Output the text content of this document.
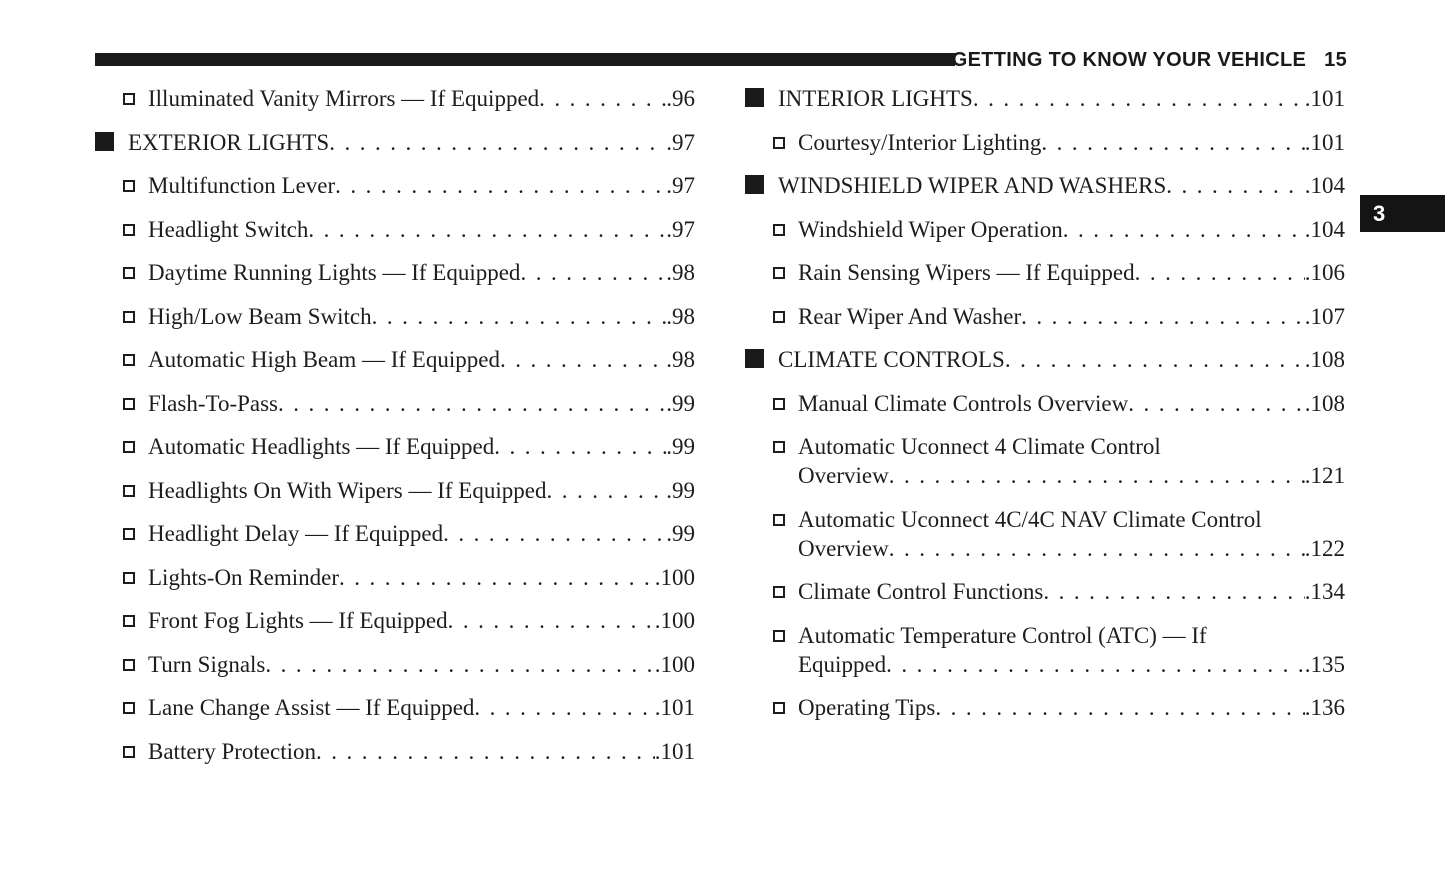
GETTING TO KNOW YOUR VEHICLE 15
3
Illuminated Vanity Mirrors — If Equipped .....	. 96
EXTERIOR LIGHTS .....	. 97
Multifunction Lever .....	. 97
Headlight Switch .....	. 97
Daytime Running Lights — If Equipped .....	. 98
High/Low Beam Switch .....	. 98
Automatic High Beam — If Equipped .....	. 98
Flash-To-Pass .....	. 99
Automatic Headlights — If Equipped .....	. 99
Headlights On With Wipers — If Equipped .....	. 99
Headlight Delay — If Equipped .....	. 99
Lights-On Reminder .....	. 100
Front Fog Lights — If Equipped .....	. 100
Turn Signals .....	. 100
Lane Change Assist — If Equipped .....	. 101
Battery Protection .....	. 101
INTERIOR LIGHTS .....	. 101
Courtesy/Interior Lighting .....	. 101
WINDSHIELD WIPER AND WASHERS .....	. 104
Windshield Wiper Operation .....	. 104
Rain Sensing Wipers — If Equipped .....	. 106
Rear Wiper And Washer .....	. 107
CLIMATE CONTROLS .....	. 108
Manual Climate Controls Overview .....	. 108
Automatic Uconnect 4 Climate Control
Overview .....	. 121
Automatic Uconnect 4C/4C NAV Climate Control
Overview .....	. 122
Climate Control Functions .....	. 134
Automatic Temperature Control (ATC) — If
Equipped .....	. 135
Operating Tips .....	. 136
